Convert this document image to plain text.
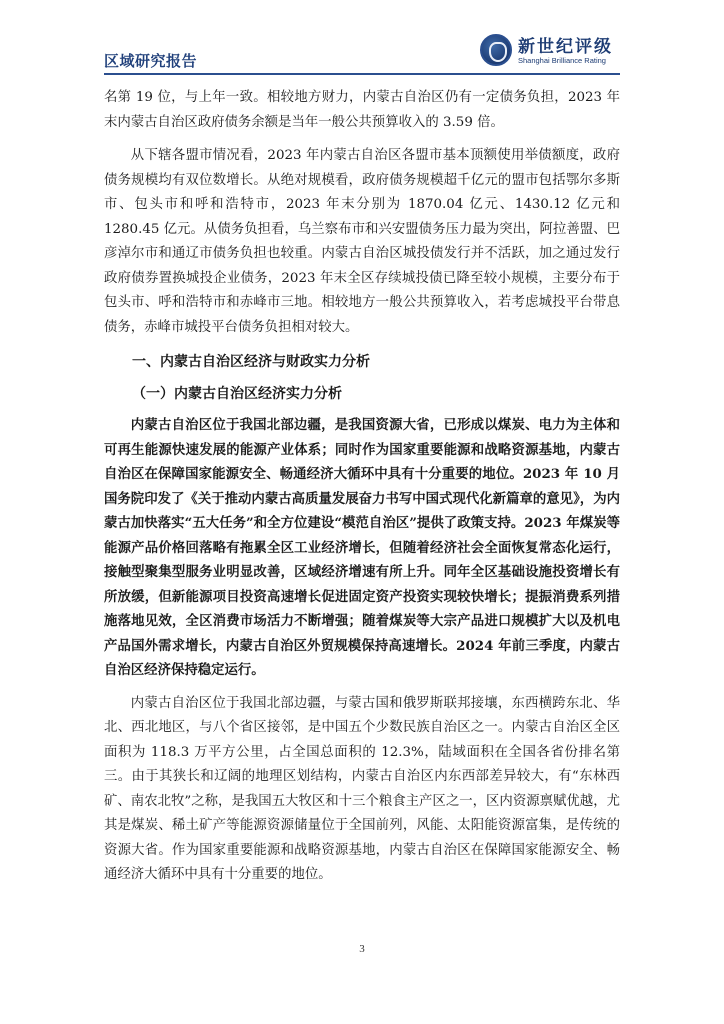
区域研究报告
新世纪评级
Shanghai Brilliance Rating

名第 19 位，与上年一致。相较地方财力，内蒙古自治区仍有一定债务负担，2023 年末内蒙古自治区政府债务余额是当年一般公共预算收入的 3.59 倍。

从下辖各盟市情况看，2023 年内蒙古自治区各盟市基本顶额使用举债额度，政府债务规模均有双位数增长。从绝对规模看，政府债务规模超千亿元的盟市包括鄂尔多斯市、包头市和呼和浩特市，2023 年末分别为 1870.04 亿元、1430.12 亿元和 1280.45 亿元。从债务负担看，乌兰察布市和兴安盟债务压力最为突出，阿拉善盟、巴彦淖尔市和通辽市债务负担也较重。内蒙古自治区城投债发行并不活跃，加之通过发行政府债券置换城投企业债务，2023 年末全区存续城投债已降至较小规模，主要分布于包头市、呼和浩特市和赤峰市三地。相较地方一般公共预算收入，若考虑城投平台带息债务，赤峰市城投平台债务负担相对较大。

一、内蒙古自治区经济与财政实力分析
（一）内蒙古自治区经济实力分析

内蒙古自治区位于我国北部边疆，是我国资源大省，已形成以煤炭、电力为主体和可再生能源快速发展的能源产业体系；同时作为国家重要能源和战略资源基地，内蒙古自治区在保障国家能源安全、畅通经济大循环中具有十分重要的地位。2023 年 10 月国务院印发了《关于推动内蒙古高质量发展奋力书写中国式现代化新篇章的意见》，为内蒙古加快落实“五大任务”和全方位建设“模范自治区”提供了政策支持。2023 年煤炭等能源产品价格回落略有拖累全区工业经济增长，但随着经济社会全面恢复常态化运行，接触型聚集型服务业明显改善，区域经济增速有所上升。同年全区基础设施投资增长有所放缓，但新能源项目投资高速增长促进固定资产投资实现较快增长；提振消费系列措施落地见效，全区消费市场活力不断增强；随着煤炭等大宗产品进口规模扩大以及机电产品国外需求增长，内蒙古自治区外贸规模保持高速增长。2024 年前三季度，内蒙古自治区经济保持稳定运行。

内蒙古自治区位于我国北部边疆，与蒙古国和俄罗斯联邦接壤，东西横跨东北、华北、西北地区，与八个省区接邻，是中国五个少数民族自治区之一。内蒙古自治区全区面积为 118.3 万平方公里，占全国总面积的 12.3%，陆域面积在全国各省份排名第三。由于其狭长和辽阔的地理区划结构，内蒙古自治区内东西部差异较大，有“东林西矿、南农北牧”之称，是我国五大牧区和十三个粮食主产区之一，区内资源禀赋优越，尤其是煤炭、稀土矿产等能源资源储量位于全国前列，风能、太阳能资源富集，是传统的资源大省。作为国家重要能源和战略资源基地，内蒙古自治区在保障国家能源安全、畅通经济大循环中具有十分重要的地位。

3
